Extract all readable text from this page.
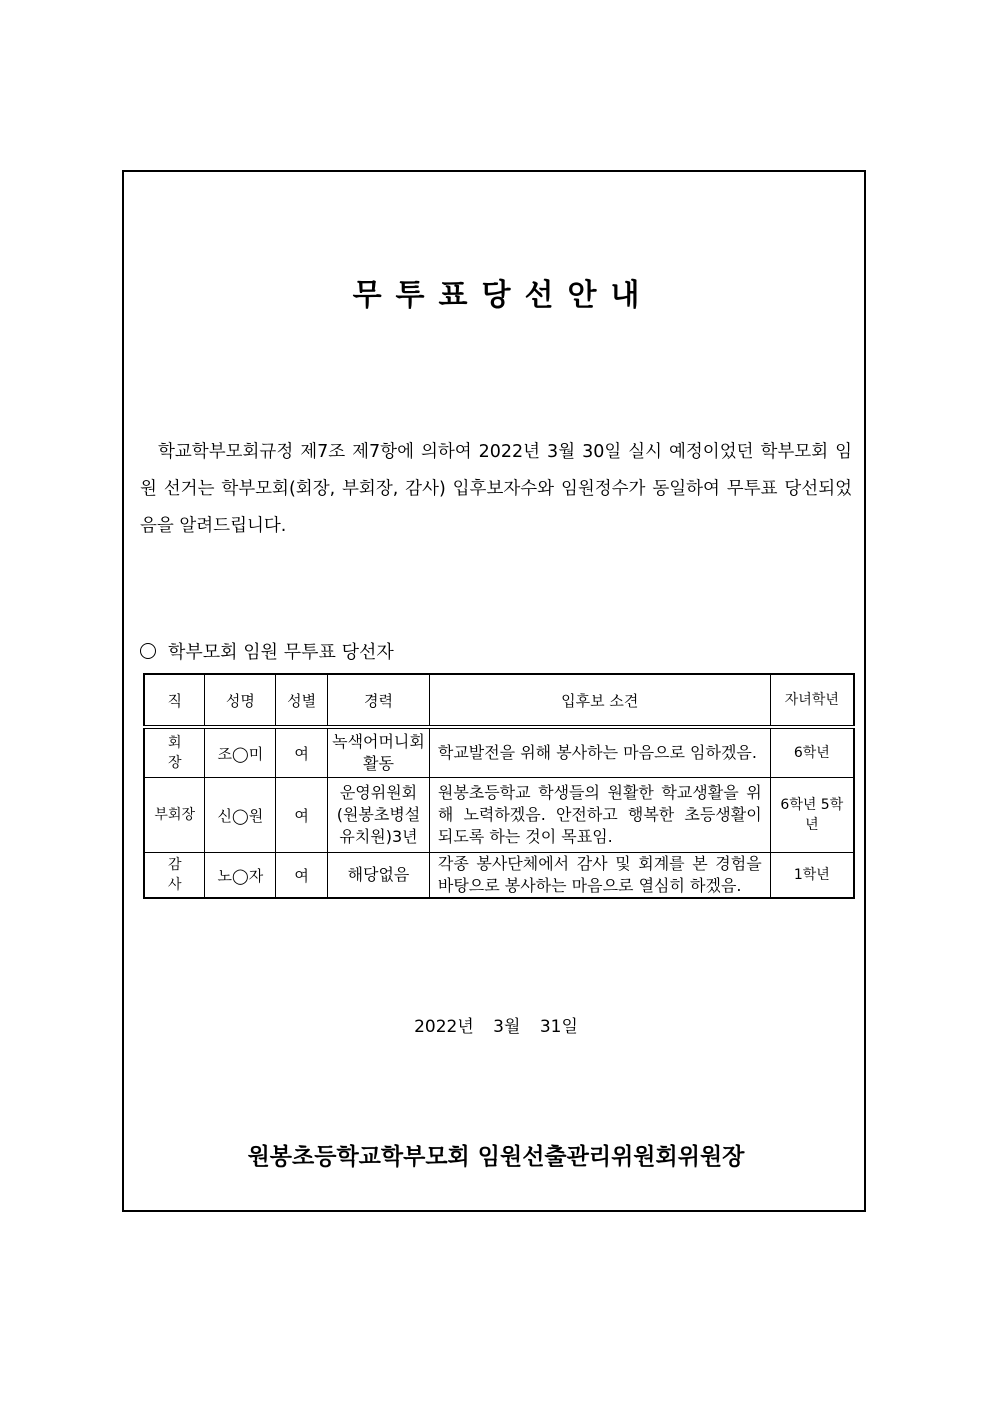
무투표당선안내
학교학부모회규정 제7조 제7항에 의하여 2022년 3월 30일 실시 예정이었던 학부모회 임원 선거는 학부모회(회장, 부회장, 감사) 입후보자수와 임원정수가 동일하여 무투표 당선되었음을 알려드립니다.
학부모회 임원 무투표 당선자
직	성명	성별	경력	입후보 소견	자녀학년
회장	조◯미	여	녹색어머니회 활동	학교발전을 위해 봉사하는 마음으로 임하겠음.	6학년
부회장	신◯원	여	운영위원회 (원봉초병설 유치원)3년	원봉초등학교 학생들의 원활한 학교생활을 위해 노력하겠음. 안전하고 행복한 초등생활이 되도록 하는 것이 목표임.	6학년 5학년
감사	노◯자	여	해당없음	각종 봉사단체에서 감사 및 회계를 본 경험을 바탕으로 봉사하는 마음으로 열심히 하겠음.	1학년
2022년 3월 31일
원봉초등학교학부모회 임원선출관리위원회위원장
